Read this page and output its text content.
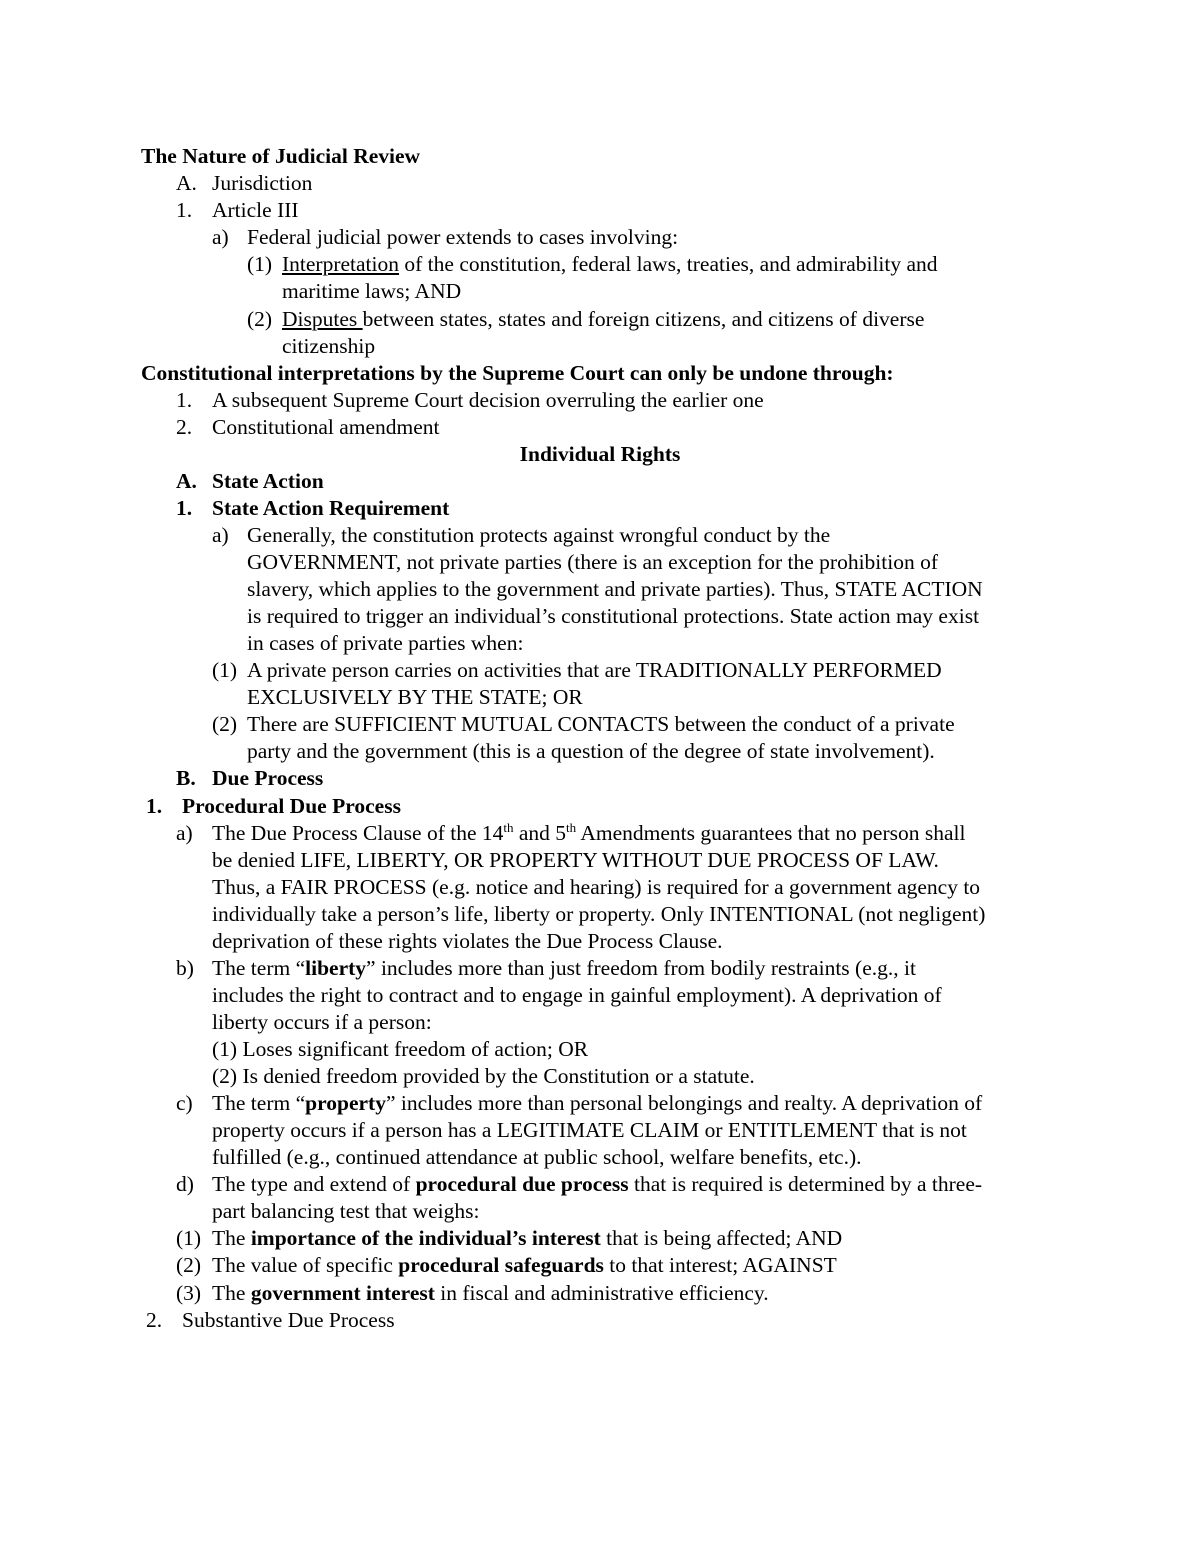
The Nature of Judicial Review
A. Jurisdiction
1. Article III
a) Federal judicial power extends to cases involving:
(1) Interpretation of the constitution, federal laws, treaties, and admirability and
maritime laws; AND
(2) Disputes between states, states and foreign citizens, and citizens of diverse
citizenship
Constitutional interpretations by the Supreme Court can only be undone through:
1. A subsequent Supreme Court decision overruling the earlier one
2. Constitutional amendment
Individual Rights
A. State Action
1. State Action Requirement
a) Generally, the constitution protects against wrongful conduct by the
GOVERNMENT, not private parties (there is an exception for the prohibition of
slavery, which applies to the government and private parties). Thus, STATE ACTION
is required to trigger an individual’s constitutional protections. State action may exist
in cases of private parties when:
(1) A private person carries on activities that are TRADITIONALLY PERFORMED
EXCLUSIVELY BY THE STATE; OR
(2) There are SUFFICIENT MUTUAL CONTACTS between the conduct of a private
party and the government (this is a question of the degree of state involvement).
B. Due Process
1. Procedural Due Process
a) The Due Process Clause of the 14th and 5th Amendments guarantees that no person shall
be denied LIFE, LIBERTY, OR PROPERTY WITHOUT DUE PROCESS OF LAW.
Thus, a FAIR PROCESS (e.g. notice and hearing) is required for a government agency to
individually take a person’s life, liberty or property. Only INTENTIONAL (not negligent)
deprivation of these rights violates the Due Process Clause.
b) The term “liberty” includes more than just freedom from bodily restraints (e.g., it
includes the right to contract and to engage in gainful employment). A deprivation of
liberty occurs if a person:
(1) Loses significant freedom of action; OR
(2) Is denied freedom provided by the Constitution or a statute.
c) The term “property” includes more than personal belongings and realty. A deprivation of
property occurs if a person has a LEGITIMATE CLAIM or ENTITLEMENT that is not
fulfilled (e.g., continued attendance at public school, welfare benefits, etc.).
d) The type and extend of procedural due process that is required is determined by a three-
part balancing test that weighs:
(1) The importance of the individual’s interest that is being affected; AND
(2) The value of specific procedural safeguards to that interest; AGAINST
(3) The government interest in fiscal and administrative efficiency.
2. Substantive Due Process
